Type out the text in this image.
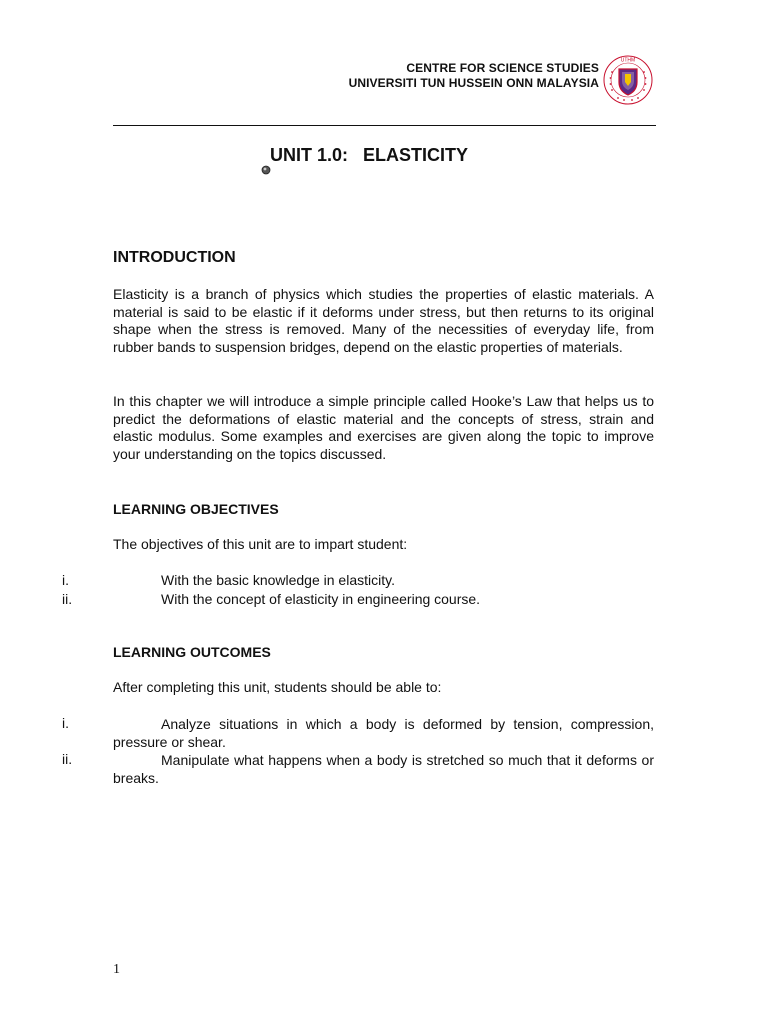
CENTRE FOR SCIENCE STUDIES
UNIVERSITI TUN HUSSEIN ONN MALAYSIA
UTHM
UNIT 1.0:   ELASTICITY
INTRODUCTION
Elasticity is a branch of physics which studies the properties of elastic materials. A material is said to be elastic if it deforms under stress, but then returns to its original shape when the stress is removed. Many of the necessities of everyday life, from rubber bands to suspension bridges, depend on the elastic properties of materials.
In this chapter we will introduce a simple principle called Hooke’s Law that helps us to predict the deformations of elastic material and the concepts of stress, strain and elastic modulus. Some examples and exercises are given along the topic to improve your understanding on the topics discussed.
LEARNING OBJECTIVES
The objectives of this unit are to impart student:
i.	With the basic knowledge in elasticity.
ii.	With the concept of elasticity in engineering course.
LEARNING OUTCOMES
After completing this unit, students should be able to:
i.	Analyze situations in which a body is deformed by tension, compression, pressure or shear.
ii.	Manipulate what happens when a body is stretched so much that it deforms or breaks.
1
